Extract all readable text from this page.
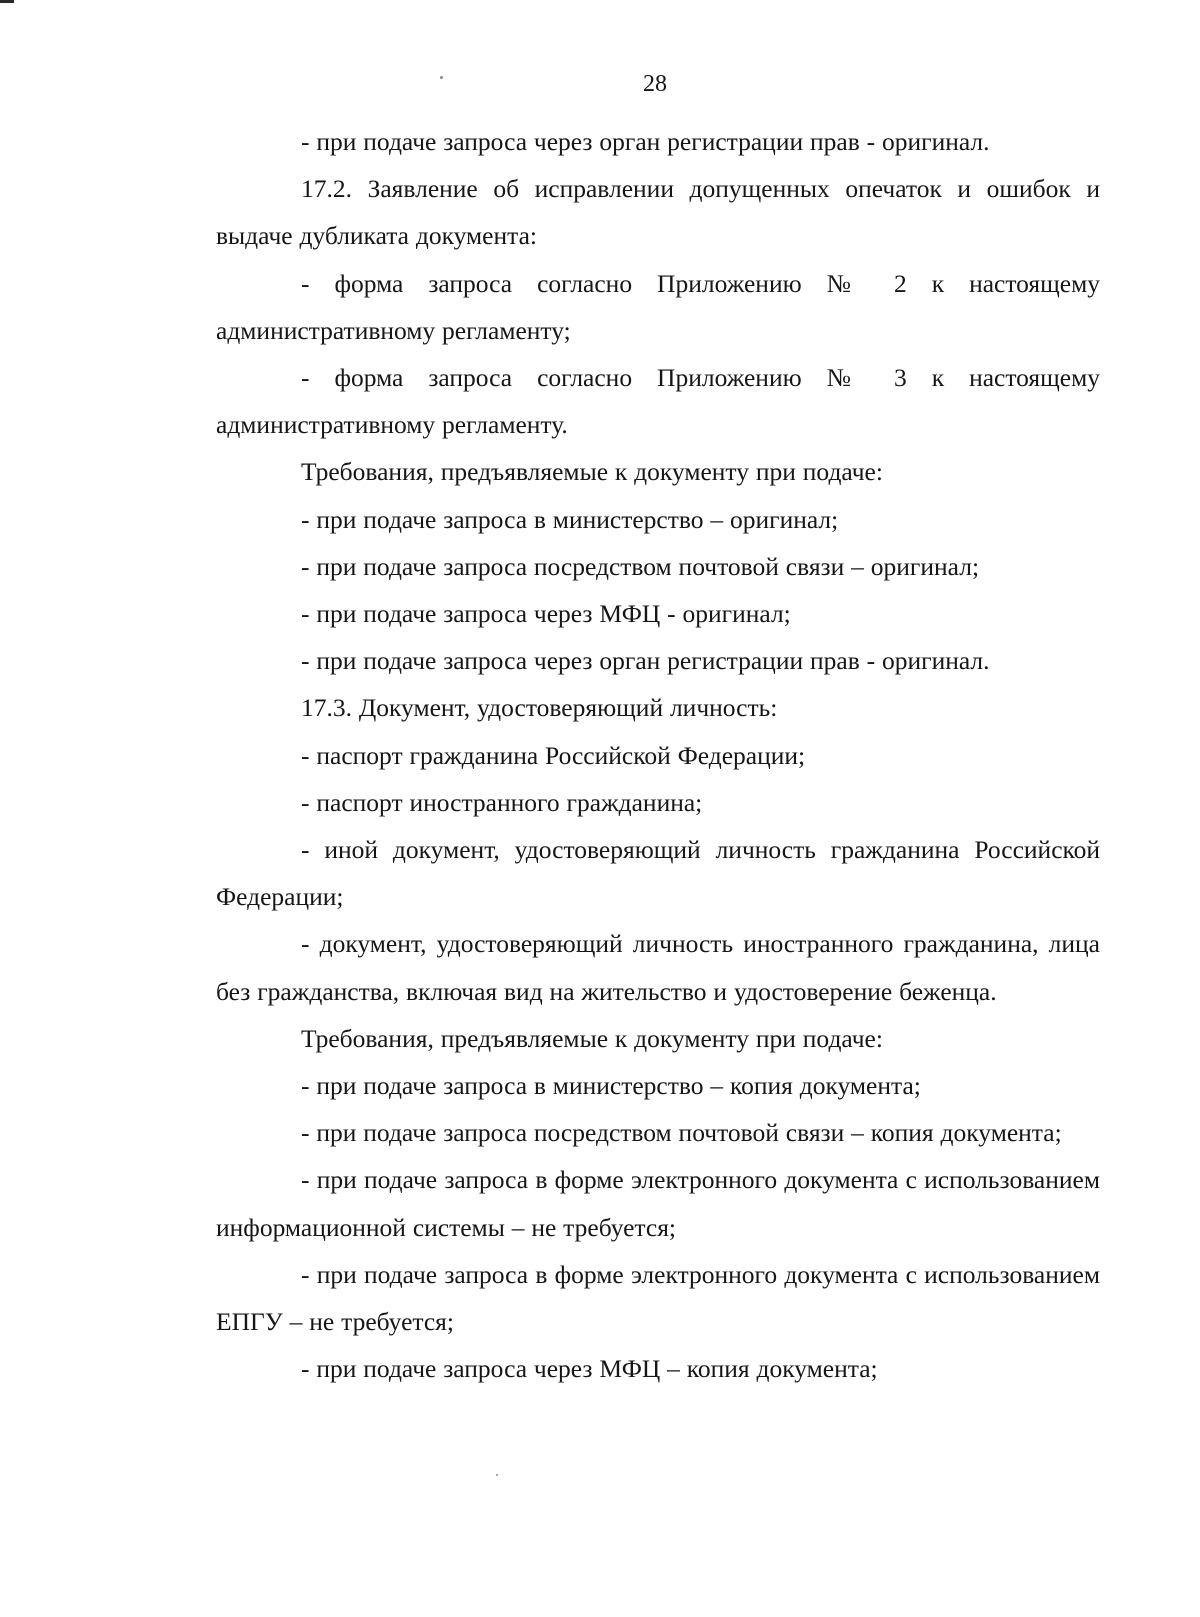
28

- при подаче запроса через орган регистрации прав - оригинал.

17.2. Заявление об исправлении допущенных опечаток и ошибок и выдаче дубликата документа:

- форма запроса согласно Приложению № 2 к настоящему административному регламенту;

- форма запроса согласно Приложению № 3 к настоящему административному регламенту.

Требования, предъявляемые к документу при подаче:

- при подаче запроса в министерство – оригинал;

- при подаче запроса посредством почтовой связи – оригинал;

- при подаче запроса через МФЦ - оригинал;

- при подаче запроса через орган регистрации прав - оригинал.

17.3. Документ, удостоверяющий личность:

- паспорт гражданина Российской Федерации;

- паспорт иностранного гражданина;

- иной документ, удостоверяющий личность гражданина Российской Федерации;

- документ, удостоверяющий личность иностранного гражданина, лица без гражданства, включая вид на жительство и удостоверение беженца.

Требования, предъявляемые к документу при подаче:

- при подаче запроса в министерство – копия документа;

- при подаче запроса посредством почтовой связи – копия документа;

- при подаче запроса в форме электронного документа с использованием информационной системы – не требуется;

- при подаче запроса в форме электронного документа с использованием ЕПГУ – не требуется;

- при подаче запроса через МФЦ – копия документа;
